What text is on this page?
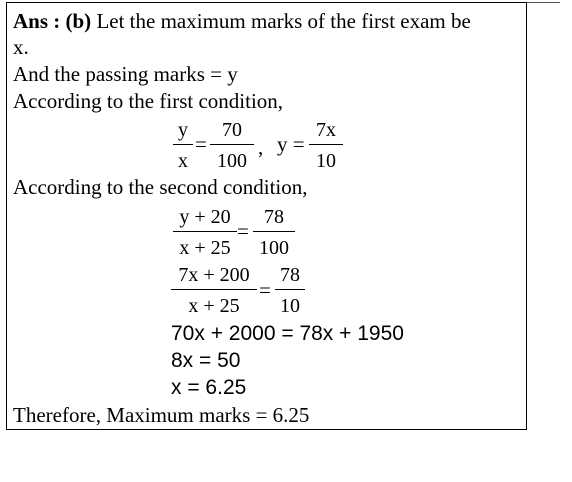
Ans : (b) Let the maximum marks of the first exam be
x.
And the passing marks = y
According to the first condition,
y
x
=
70
100
, y =
7x
10
According to the second condition,
y + 20
x + 25
=
78
100
7x + 200
x + 25
=
78
10
70x + 2000 = 78x + 1950
8x = 50
x = 6.25
Therefore, Maximum marks = 6.25
